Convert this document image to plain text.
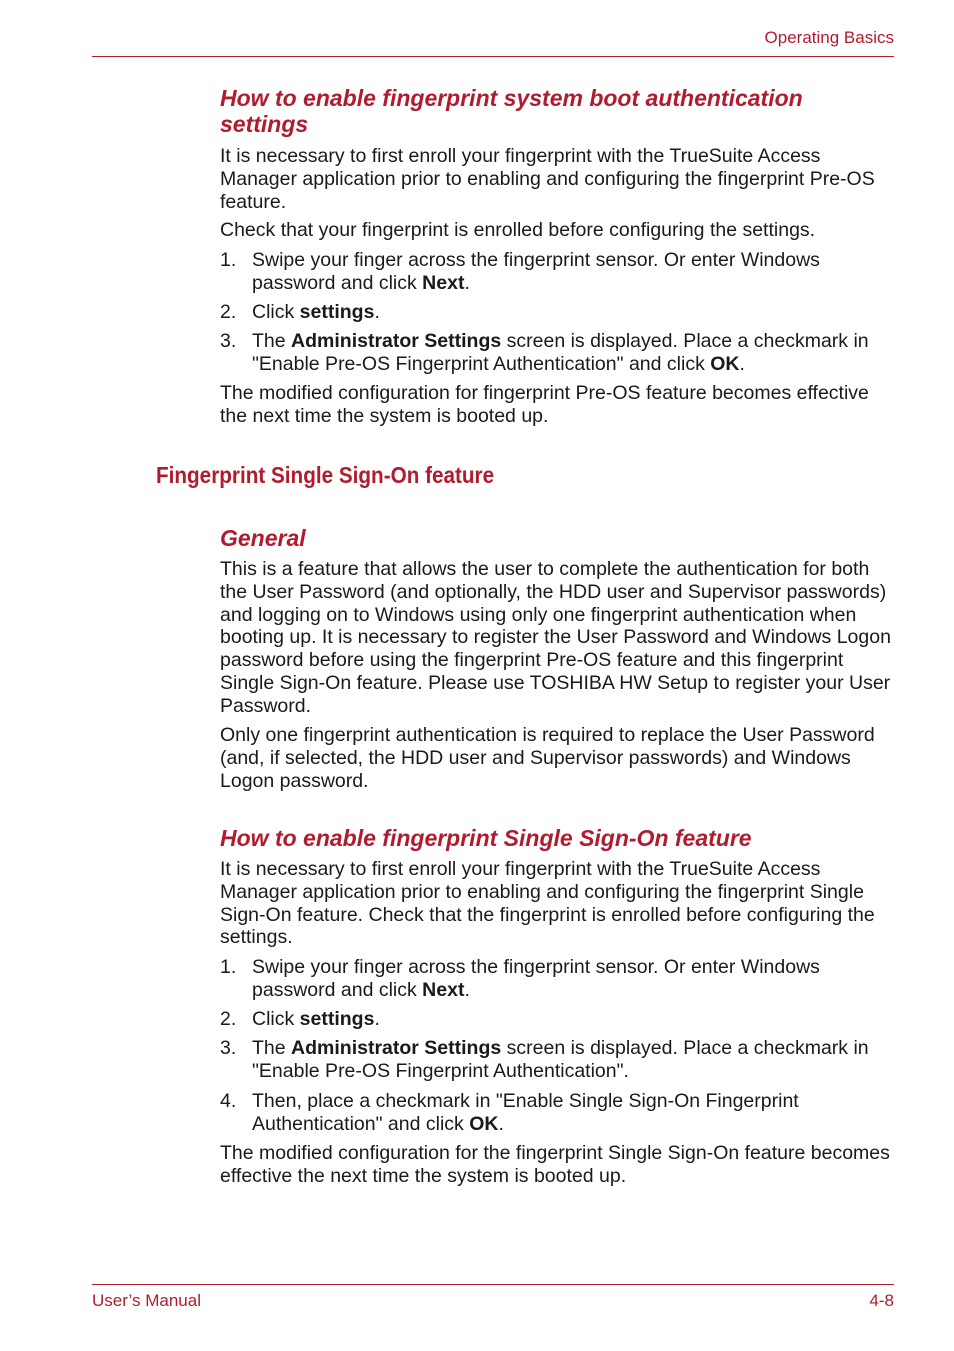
Operating Basics
How to enable fingerprint system boot authentication settings

It is necessary to first enroll your fingerprint with the TrueSuite Access Manager application prior to enabling and configuring the fingerprint Pre-OS feature.

Check that your fingerprint is enrolled before configuring the settings.

1. Swipe your finger across the fingerprint sensor. Or enter Windows password and click Next.
2. Click settings.
3. The Administrator Settings screen is displayed. Place a checkmark in "Enable Pre-OS Fingerprint Authentication" and click OK.

The modified configuration for fingerprint Pre-OS feature becomes effective the next time the system is booted up.

Fingerprint Single Sign-On feature
General

This is a feature that allows the user to complete the authentication for both the User Password (and optionally, the HDD user and Supervisor passwords) and logging on to Windows using only one fingerprint authentication when booting up. It is necessary to register the User Password and Windows Logon password before using the fingerprint Pre-OS feature and this fingerprint Single Sign-On feature. Please use TOSHIBA HW Setup to register your User Password.

Only one fingerprint authentication is required to replace the User Password (and, if selected, the HDD user and Supervisor passwords) and Windows Logon password.

How to enable fingerprint Single Sign-On feature

It is necessary to first enroll your fingerprint with the TrueSuite Access Manager application prior to enabling and configuring the fingerprint Single Sign-On feature. Check that the fingerprint is enrolled before configuring the settings.

1. Swipe your finger across the fingerprint sensor. Or enter Windows password and click Next.
2. Click settings.
3. The Administrator Settings screen is displayed. Place a checkmark in "Enable Pre-OS Fingerprint Authentication".
4. Then, place a checkmark in "Enable Single Sign-On Fingerprint Authentication" and click OK.

The modified configuration for the fingerprint Single Sign-On feature becomes effective the next time the system is booted up.

User’s Manual	4-8
